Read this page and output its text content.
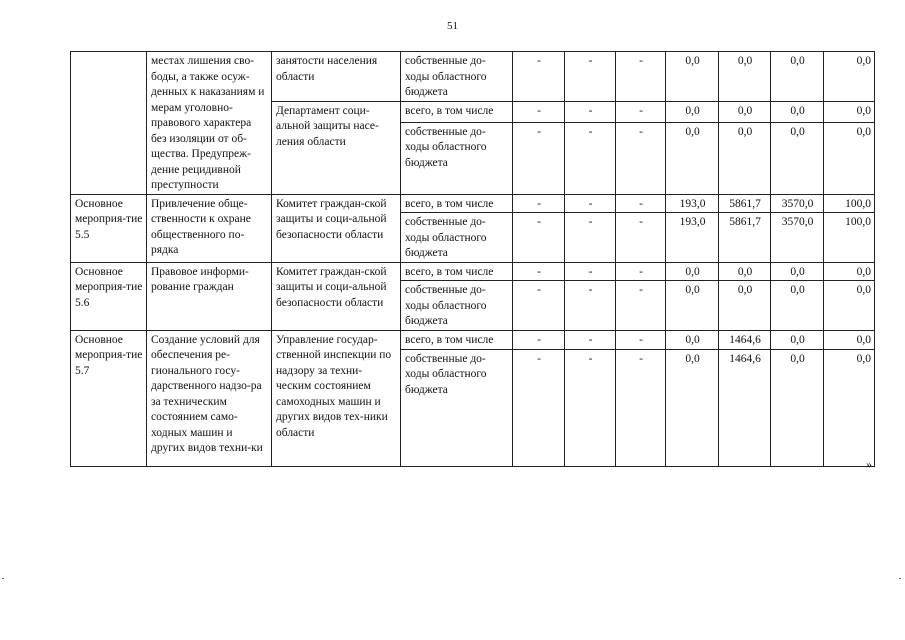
51
	местах лишения сво-боды, а также осуж-денных к наказаниям и мерам уголовно-правового характера без изоляции от об-щества. Предупреж-дение рецидивной преступности	занятости населения области	собственные до-ходы областного бюджета	-	-	-	0,0	0,0	0,0	0,0
		Департамент соци-альной защиты насе-ления области	всего, в том числе	-	-	-	0,0	0,0	0,0	0,0
			собственные до-ходы областного бюджета	-	-	-	0,0	0,0	0,0	0,0
Основное мероприя-тие 5.5	Привлечение обще-ственности к охране общественного по-рядка	Комитет граждан-ской защиты и соци-альной безопасности области	всего, в том числе	-	-	-	193,0	5861,7	3570,0	100,0
			собственные до-ходы областного бюджета	-	-	-	193,0	5861,7	3570,0	100,0
Основное мероприя-тие 5.6	Правовое информи-рование граждан	Комитет граждан-ской защиты и соци-альной безопасности области	всего, в том числе	-	-	-	0,0	0,0	0,0	0,0
			собственные до-ходы областного бюджета	-	-	-	0,0	0,0	0,0	0,0
Основное мероприя-тие 5.7	Создание условий для обеспечения ре-гионального госу-дарственного надзо-ра за техническим состоянием само-ходных машин и других видов техни-ки	Управление государ-ственной инспекции по надзору за техни-ческим состоянием самоходных машин и других видов тех-ники области	всего, в том числе	-	-	-	0,0	1464,6	0,0	0,0
			собственные до-ходы областного бюджета	-	-	-	0,0	1464,6	0,0	0,0
»
